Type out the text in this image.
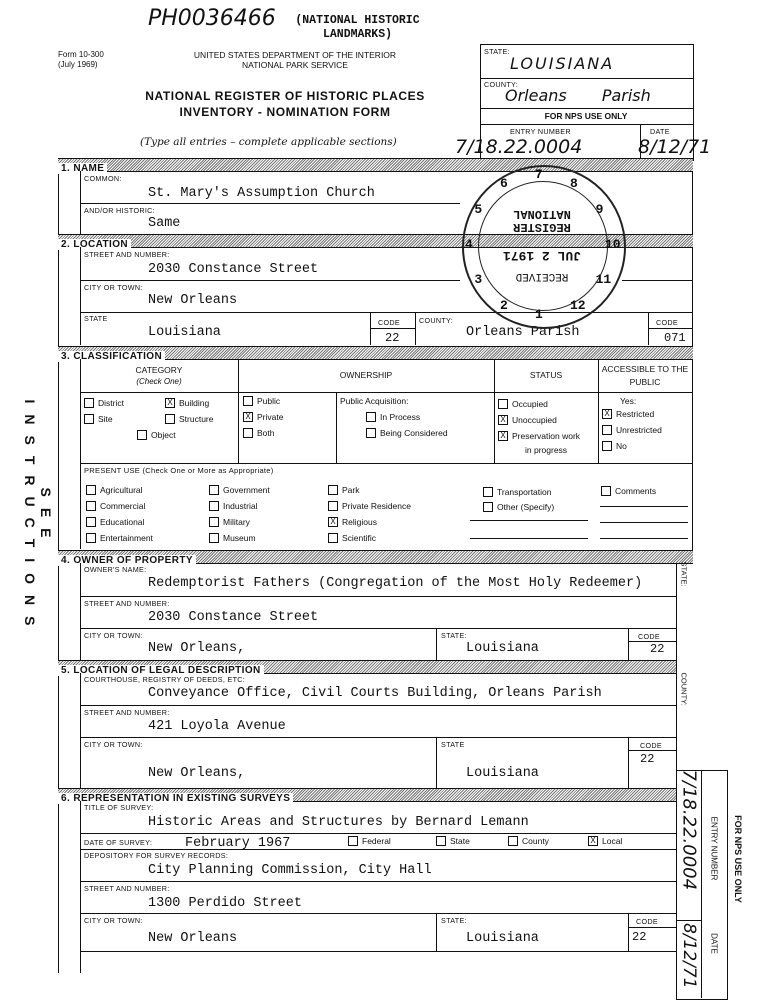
PH0036466	(NATIONAL HISTORIC LANDMARKS)
Form 10-300
(July 1969)
UNITED STATES DEPARTMENT OF THE INTERIOR
NATIONAL PARK SERVICE
NATIONAL REGISTER OF HISTORIC PLACES
INVENTORY - NOMINATION FORM
(Type all entries – complete applicable sections)
STATE:
LOUISIANA
COUNTY:
Orleans Parish
FOR NPS USE ONLY
ENTRY NUMBER	DATE
7/18.22.0004	8/12/71
SEE INSTRUCTIONS
1. NAME
COMMON:
St. Mary's Assumption Church
AND/OR HISTORIC:
Same
2. LOCATION
STREET AND NUMBER:
2030 Constance Street
CITY OR TOWN:
New Orleans
STATE
Louisiana
CODE
22
COUNTY:
Orleans Parish
CODE
071
REGISTER
NATIONAL
JUL 2 1971
RECEIVED
3. CLASSIFICATION
CATEGORY
(Check One)
OWNERSHIP	STATUS
ACCESSIBLE TO THE PUBLIC
District	X Building
Site	Structure
Object
Public
X Private
Both
Public Acquisition:
In Process
Being Considered
Occupied
X Unoccupied
X Preservation work
in progress
Yes:
X Restricted
Unrestricted
No
PRESENT USE (Check One or More as Appropriate)
Agricultural
Commercial
Educational
Entertainment
Government
Industrial
Military
Museum
Park
Private Residence
X Religious
Scientific
Transportation
Other (Specify)
Comments
4. OWNER OF PROPERTY
OWNER'S NAME:
Redemptorist Fathers (Congregation of the Most Holy Redeemer)
STREET AND NUMBER:
2030 Constance Street
CITY OR TOWN:
New Orleans,
STATE:
Louisiana
CODE
22
STATE:
5. LOCATION OF LEGAL DESCRIPTION
COURTHOUSE, REGISTRY OF DEEDS, ETC:
Conveyance Office, Civil Courts Building, Orleans Parish
STREET AND NUMBER:
421 Loyola Avenue
CITY OR TOWN:
New Orleans,
STATE
Louisiana
CODE
22
COUNTY:
6. REPRESENTATION IN EXISTING SURVEYS
TITLE OF SURVEY:
Historic Areas and Structures by Bernard Lemann
DATE OF SURVEY: February 1967	Federal	State	County	X Local
DEPOSITORY FOR SURVEY RECORDS:
City Planning Commission, City Hall
STREET AND NUMBER:
1300 Perdido Street
CITY OR TOWN:
New Orleans
STATE:
Louisiana
CODE
22
7/18.22.0004 ENTRY NUMBER FOR NPS USE ONLY
8/12/71 DATE
5
6
7
8
9
10
11
12
1
2
3
4
